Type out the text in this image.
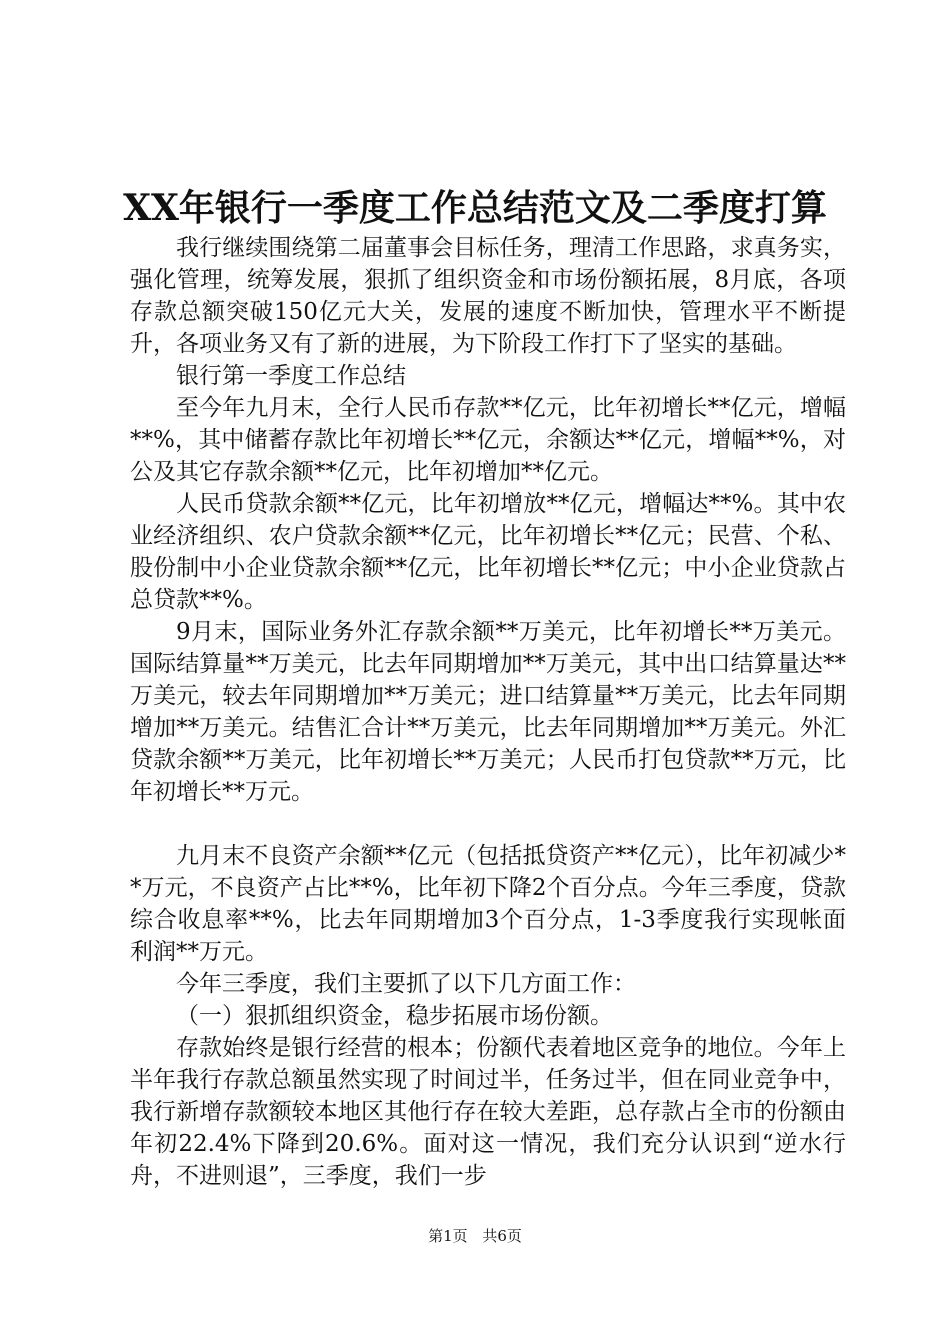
XX年银行一季度工作总结范文及二季度打算

我行继续围绕第二届董事会目标任务，理清工作思路，求真务实，强化管理，统筹发展，狠抓了组织资金和市场份额拓展，8月底，各项存款总额突破150亿元大关，发展的速度不断加快，管理水平不断提升，各项业务又有了新的进展，为下阶段工作打下了坚实的基础。

银行第一季度工作总结

至今年九月末，全行人民币存款**亿元，比年初增长**亿元，增幅**%，其中储蓄存款比年初增长**亿元，余额达**亿元，增幅**%，对公及其它存款余额**亿元，比年初增加**亿元。

人民币贷款余额**亿元，比年初增放**亿元，增幅达**%。其中农业经济组织、农户贷款余额**亿元，比年初增长**亿元；民营、个私、股份制中小企业贷款余额**亿元，比年初增长**亿元；中小企业贷款占总贷款**%。

9月末，国际业务外汇存款余额**万美元，比年初增长**万美元。国际结算量**万美元，比去年同期增加**万美元，其中出口结算量达**万美元，较去年同期增加**万美元；进口结算量**万美元，比去年同期增加**万美元。结售汇合计**万美元，比去年同期增加**万美元。外汇贷款余额**万美元，比年初增长**万美元；人民币打包贷款**万元，比年初增长**万元。

九月末不良资产余额**亿元（包括抵贷资产**亿元），比年初减少**万元，不良资产占比**%，比年初下降2个百分点。今年三季度，贷款综合收息率**%，比去年同期增加3个百分点，1-3季度我行实现帐面利润**万元。

今年三季度，我们主要抓了以下几方面工作：

（一）狠抓组织资金，稳步拓展市场份额。

存款始终是银行经营的根本；份额代表着地区竞争的地位。今年上半年我行存款总额虽然实现了时间过半，任务过半，但在同业竞争中，我行新增存款额较本地区其他行存在较大差距，总存款占全市的份额由年初22.4%下降到20.6%。面对这一情况，我们充分认识到“逆水行舟，不进则退”，三季度，我们一步

第1页 共6页
